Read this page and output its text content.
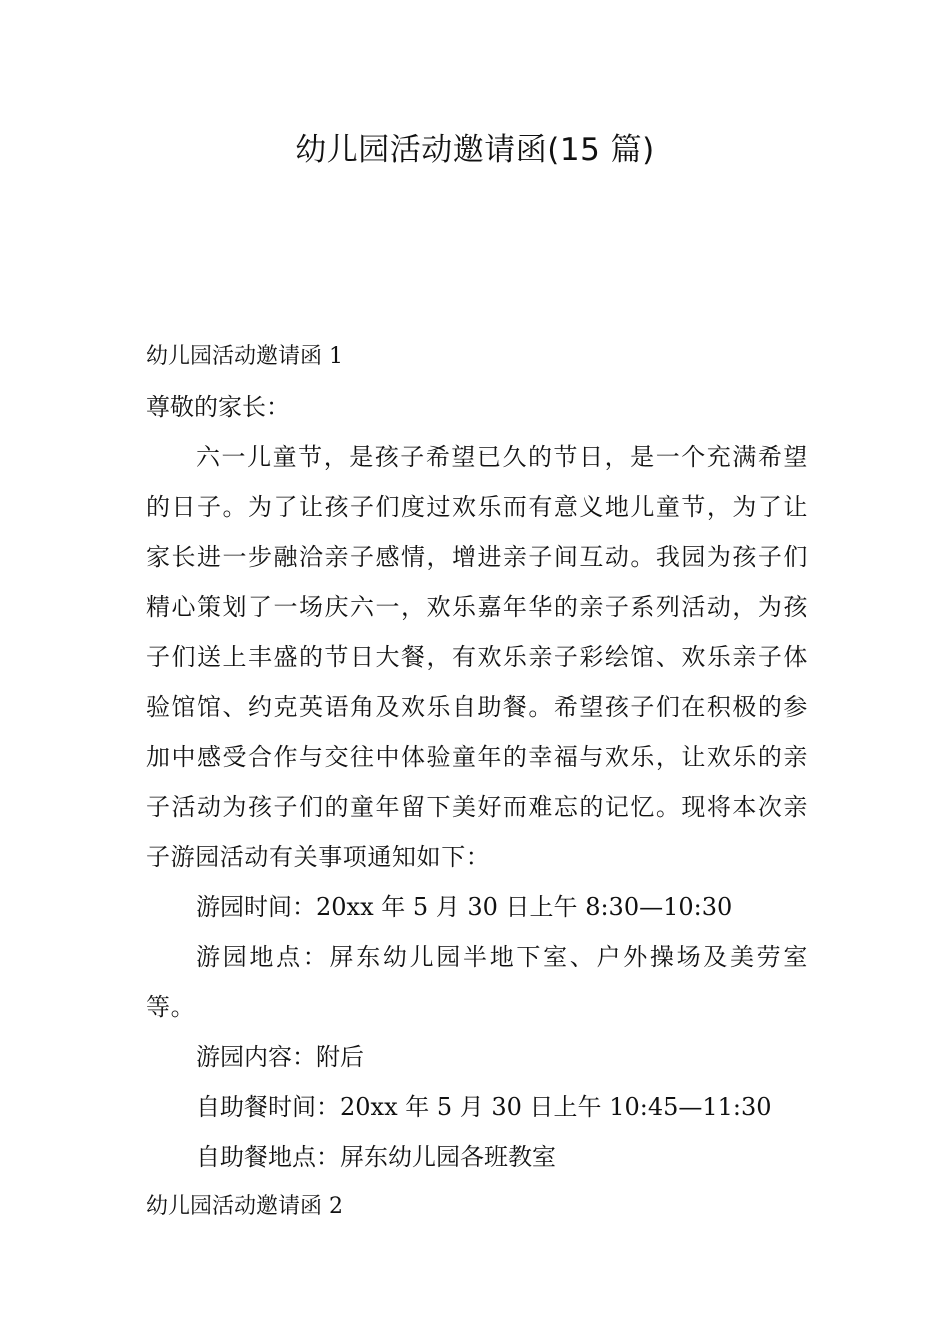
幼儿园活动邀请函(15 篇)

幼儿园活动邀请函 1

尊敬的家长：

六一儿童节，是孩子希望已久的节日，是一个充满希望的日子。为了让孩子们度过欢乐而有意义地儿童节，为了让家长进一步融洽亲子感情，增进亲子间互动。我园为孩子们精心策划了一场庆六一，欢乐嘉年华的亲子系列活动，为孩子们送上丰盛的节日大餐，有欢乐亲子彩绘馆、欢乐亲子体验馆馆、约克英语角及欢乐自助餐。希望孩子们在积极的参加中感受合作与交往中体验童年的幸福与欢乐，让欢乐的亲子活动为孩子们的童年留下美好而难忘的记忆。现将本次亲子游园活动有关事项通知如下：

游园时间：20xx 年 5 月 30 日上午 8:30—10:30

游园地点：屏东幼儿园半地下室、户外操场及美劳室等。

游园内容：附后

自助餐时间：20xx 年 5 月 30 日上午 10:45—11:30

自助餐地点：屏东幼儿园各班教室

幼儿园活动邀请函 2
